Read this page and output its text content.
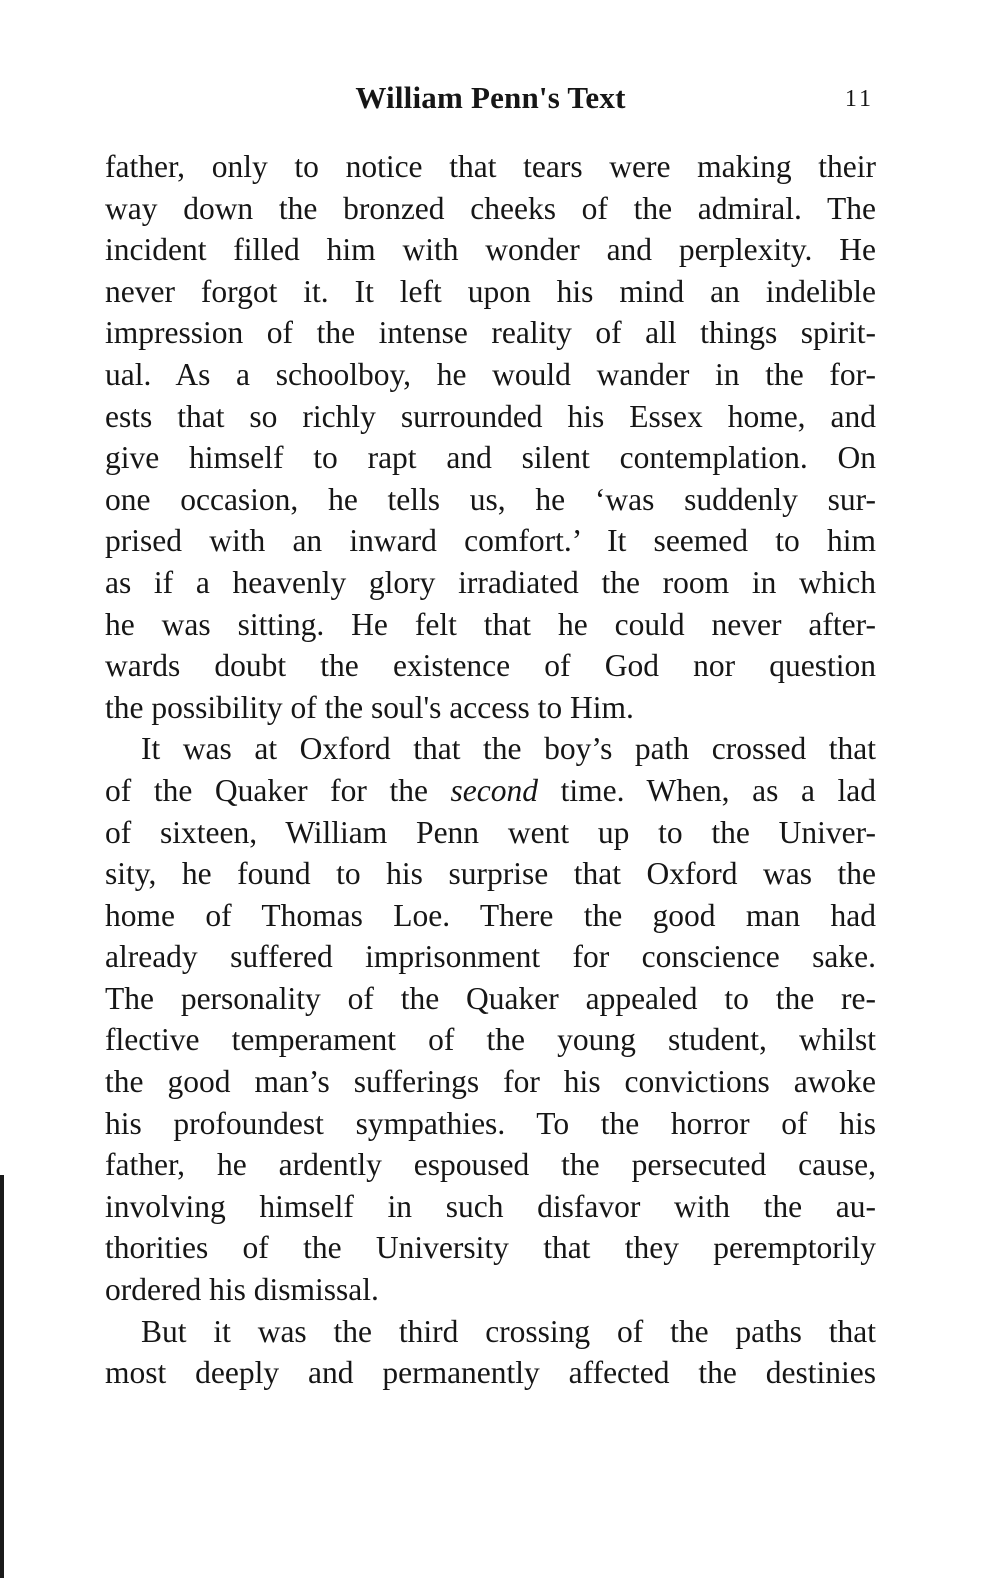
William Penn's Text	11
father, only to notice that tears were making their
way down the bronzed cheeks of the admiral. The
incident filled him with wonder and perplexity. He
never forgot it. It left upon his mind an indelible
impression of the intense reality of all things spirit-
ual. As a schoolboy, he would wander in the for-
ests that so richly surrounded his Essex home, and
give himself to rapt and silent contemplation. On
one occasion, he tells us, he ‘was suddenly sur-
prised with an inward comfort.’ It seemed to him
as if a heavenly glory irradiated the room in which
he was sitting. He felt that he could never after-
wards doubt the existence of God nor question
the possibility of the soul's access to Him.
It was at Oxford that the boy’s path crossed that
of the Quaker for the second time. When, as a lad
of sixteen, William Penn went up to the Univer-
sity, he found to his surprise that Oxford was the
home of Thomas Loe. There the good man had
already suffered imprisonment for conscience sake.
The personality of the Quaker appealed to the re-
flective temperament of the young student, whilst
the good man’s sufferings for his convictions awoke
his profoundest sympathies. To the horror of his
father, he ardently espoused the persecuted cause,
involving himself in such disfavor with the au-
thorities of the University that they peremptorily
ordered his dismissal.
But it was the third crossing of the paths that
most deeply and permanently affected the destinies
